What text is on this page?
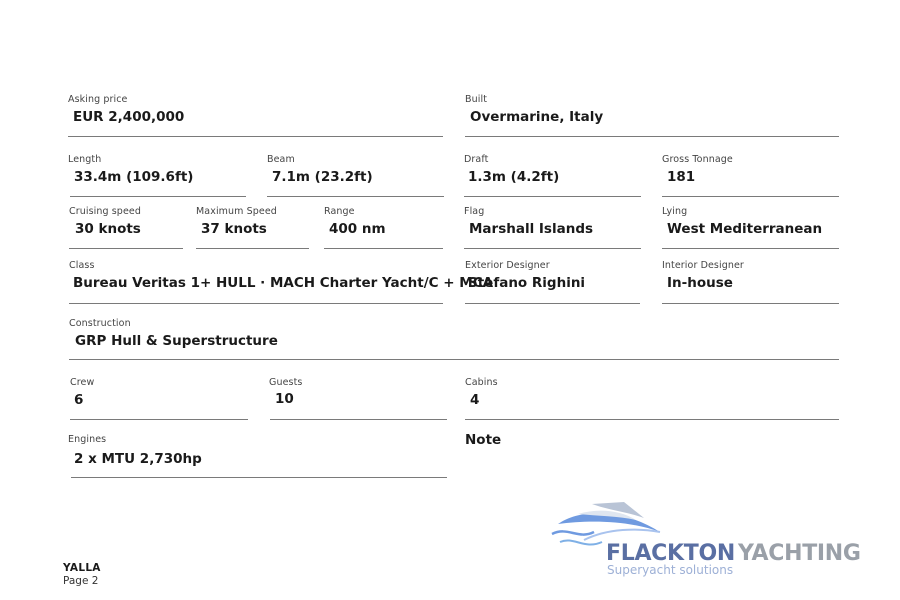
Asking price
EUR 2,400,000
Built
Overmarine, Italy
Length
33.4m (109.6ft)
Beam
7.1m (23.2ft)
Draft
1.3m (4.2ft)
Gross Tonnage
181
Cruising speed
30 knots
Maximum Speed
37 knots
Range
400 nm
Flag
Marshall Islands
Lying
West Mediterranean
Class
Bureau Veritas 1+ HULL · MACH Charter Yacht/C + MCA
Exterior Designer
Stefano Righini
Interior Designer
In-house
Construction
GRP Hull & Superstructure
Crew
6
Guests
10
Cabins
4
Engines
2 x MTU 2,730hp
Note
FLACKTON YACHTING
Superyacht solutions
YALLA
Page 2
